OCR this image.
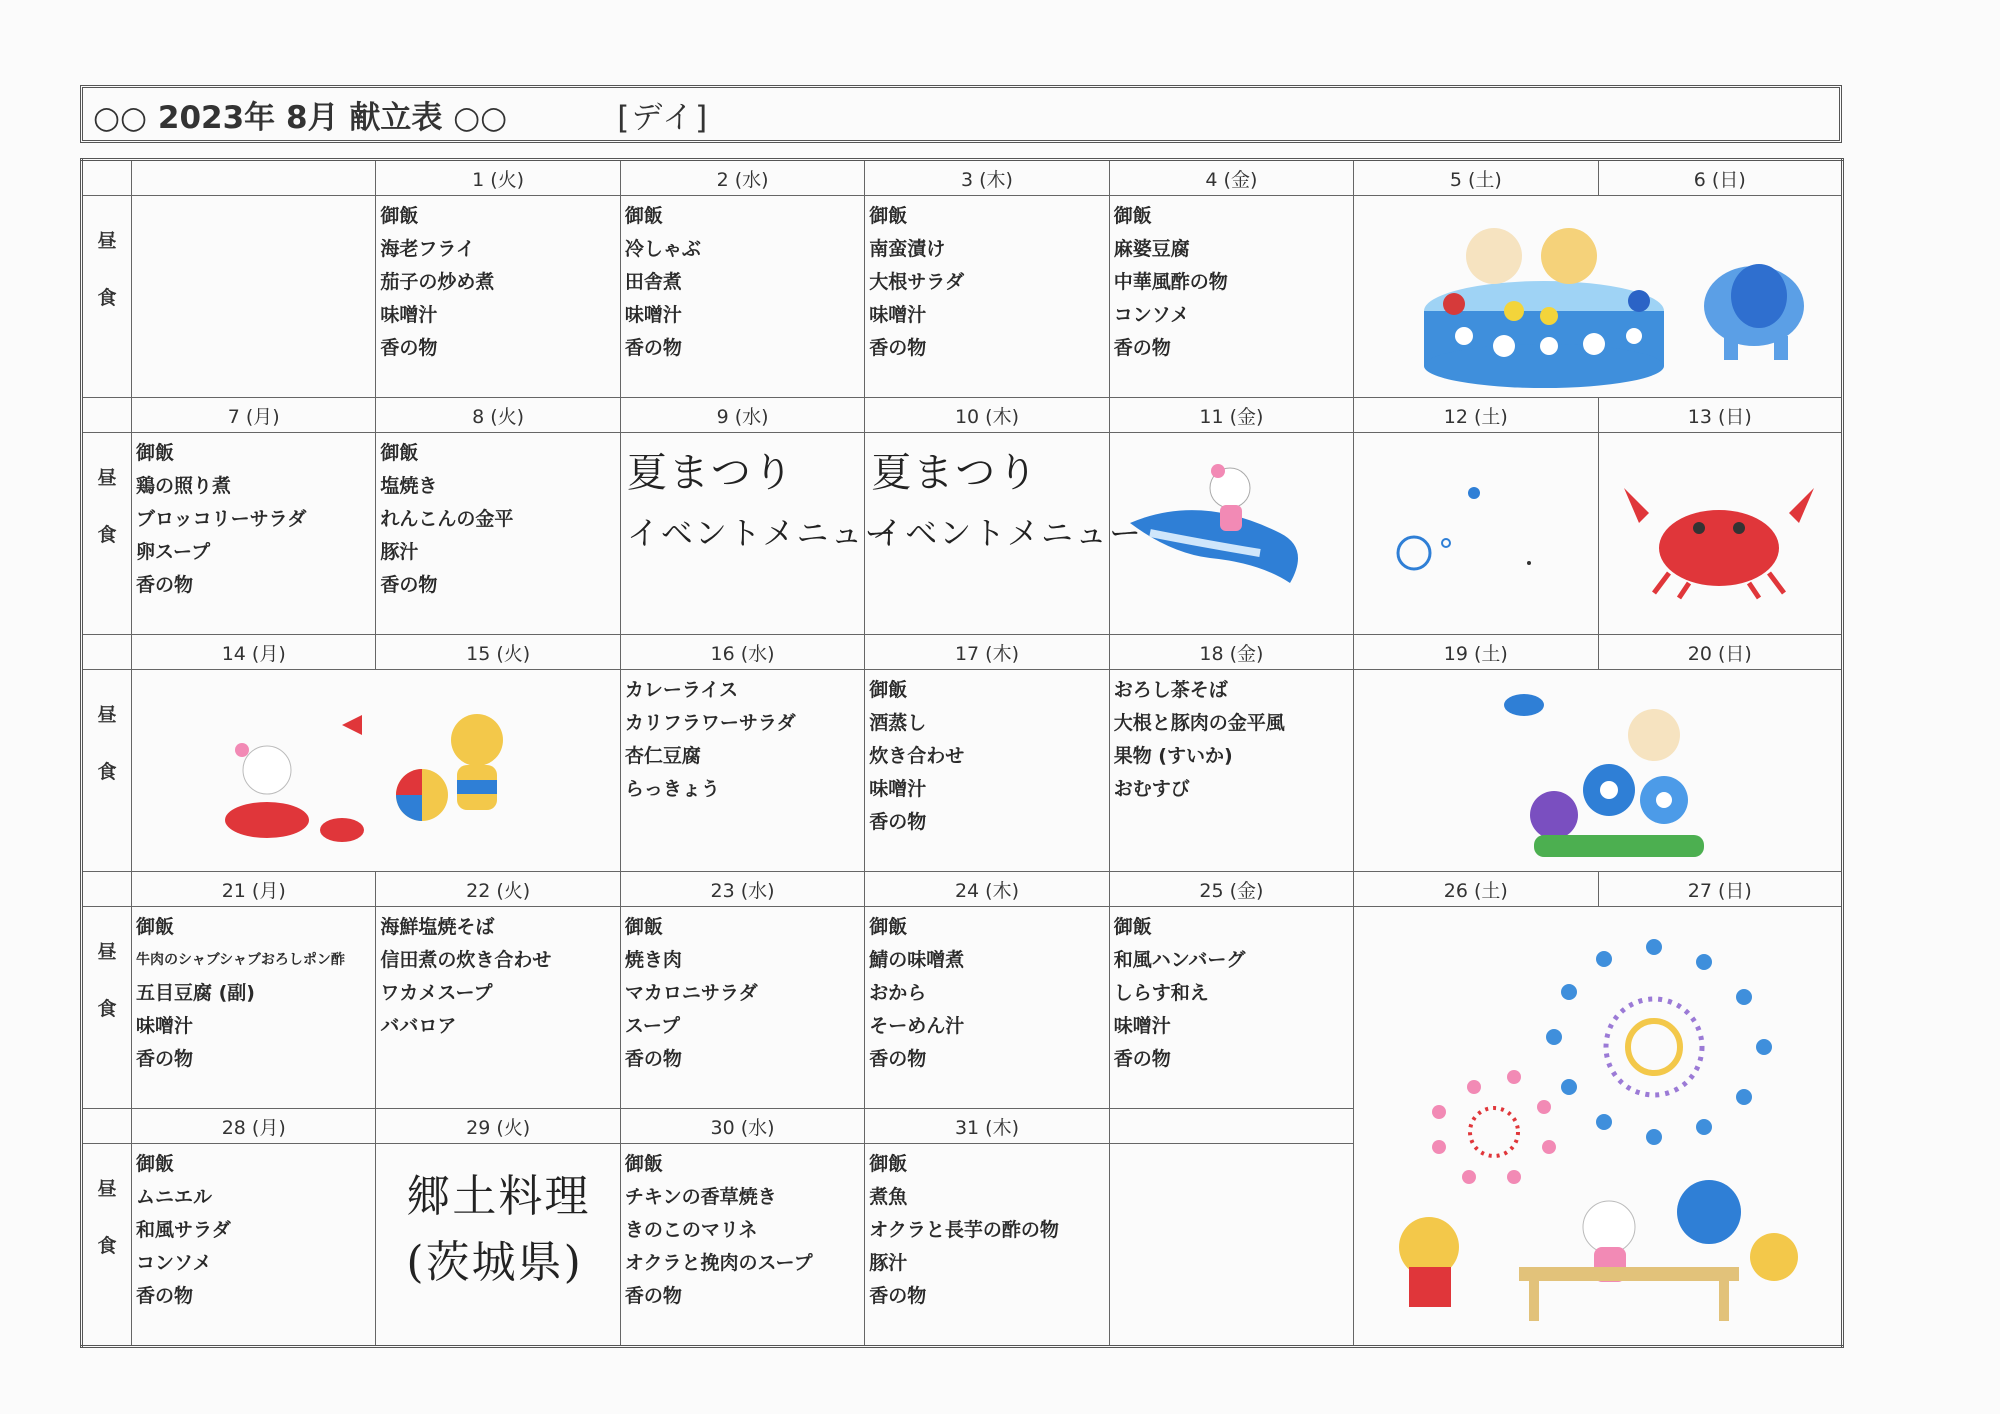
○○ 2023年 8月 献立表 ○○	[デイ]
		1 (火)	2 (水)	3 (木)	4 (金)	5 (土)	6 (日)

昼
食		御飯
海老フライ
茄子の炒め煮
味噌汁
香の物	御飯
冷しゃぶ
田舎煮
味噌汁
香の物	御飯
南蛮漬け
大根サラダ
味噌汁
香の物	御飯
麻婆豆腐
中華風酢の物
コンソメ
香の物

	7 (月)	8 (火)	9 (水)	10 (木)	11 (金)	12 (土)	13 (日)

昼
食	御飯
鶏の照り煮
ブロッコリーサラダ
卵スープ
香の物	御飯
塩焼き
れんこんの金平
豚汁
香の物	夏まつり
イベントメニュー	夏まつり
イベントメニュー

	14 (月)	15 (火)	16 (水)	17 (木)	18 (金)	19 (土)	20 (日)

昼
食			カレーライス
カリフラワーサラダ
杏仁豆腐
らっきょう	御飯
酒蒸し
炊き合わせ
味噌汁
香の物	おろし茶そば
大根と豚肉の金平風
果物 (すいか)
おむすび

	21 (月)	22 (火)	23 (水)	24 (木)	25 (金)	26 (土)	27 (日)

昼
食	御飯
牛肉のシャブシャブおろしポン酢
五目豆腐 (副)
味噌汁
香の物	海鮮塩焼そば
信田煮の炊き合わせ
ワカメスープ
ババロア	御飯
焼き肉
マカロニサラダ
スープ
香の物	御飯
鯖の味噌煮
おから
そーめん汁
香の物	御飯
和風ハンバーグ
しらす和え
味噌汁
香の物

	28 (月)	29 (火)	30 (水)	31 (木)			

昼
食	御飯
ムニエル
和風サラダ
コンソメ
香の物	郷土料理
(茨城県)	御飯
チキンの香草焼き
きのこのマリネ
オクラと挽肉のスープ
香の物	御飯
煮魚
オクラと長芋の酢の物
豚汁
香の物			
